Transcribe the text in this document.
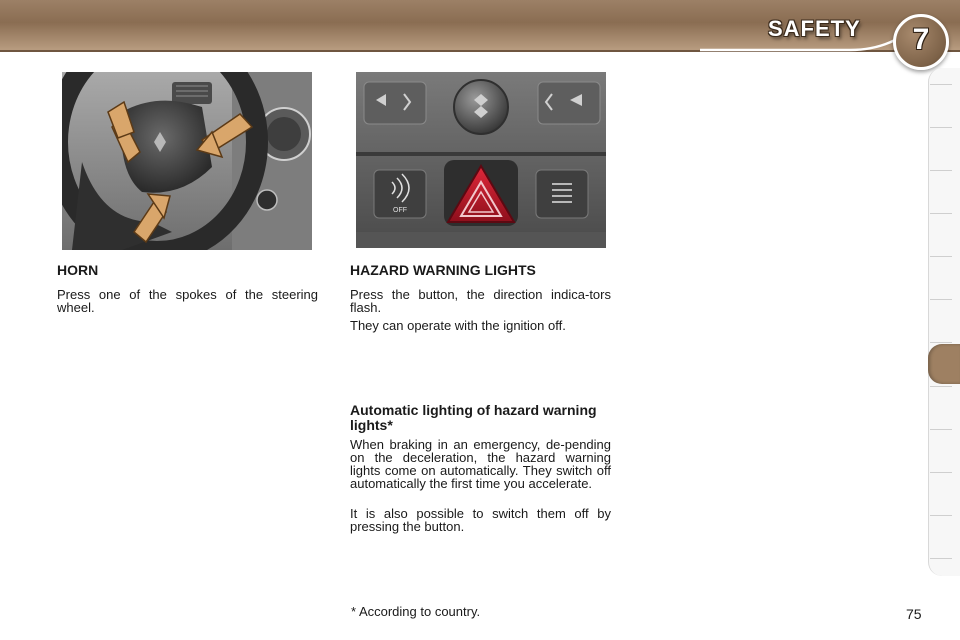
SAFETY	7
OFF
HORN

Press one of the spokes of the steering wheel.

HAZARD WARNING LIGHTS

Press the button, the direction indica-tors flash.

They can operate with the ignition off.

Automatic lighting of hazard warning lights*

When braking in an emergency, de-pending on the deceleration, the hazard warning lights come on automatically. They switch off automatically the first time you accelerate.

It is also possible to switch them off by pressing the button.

* According to country.	75
